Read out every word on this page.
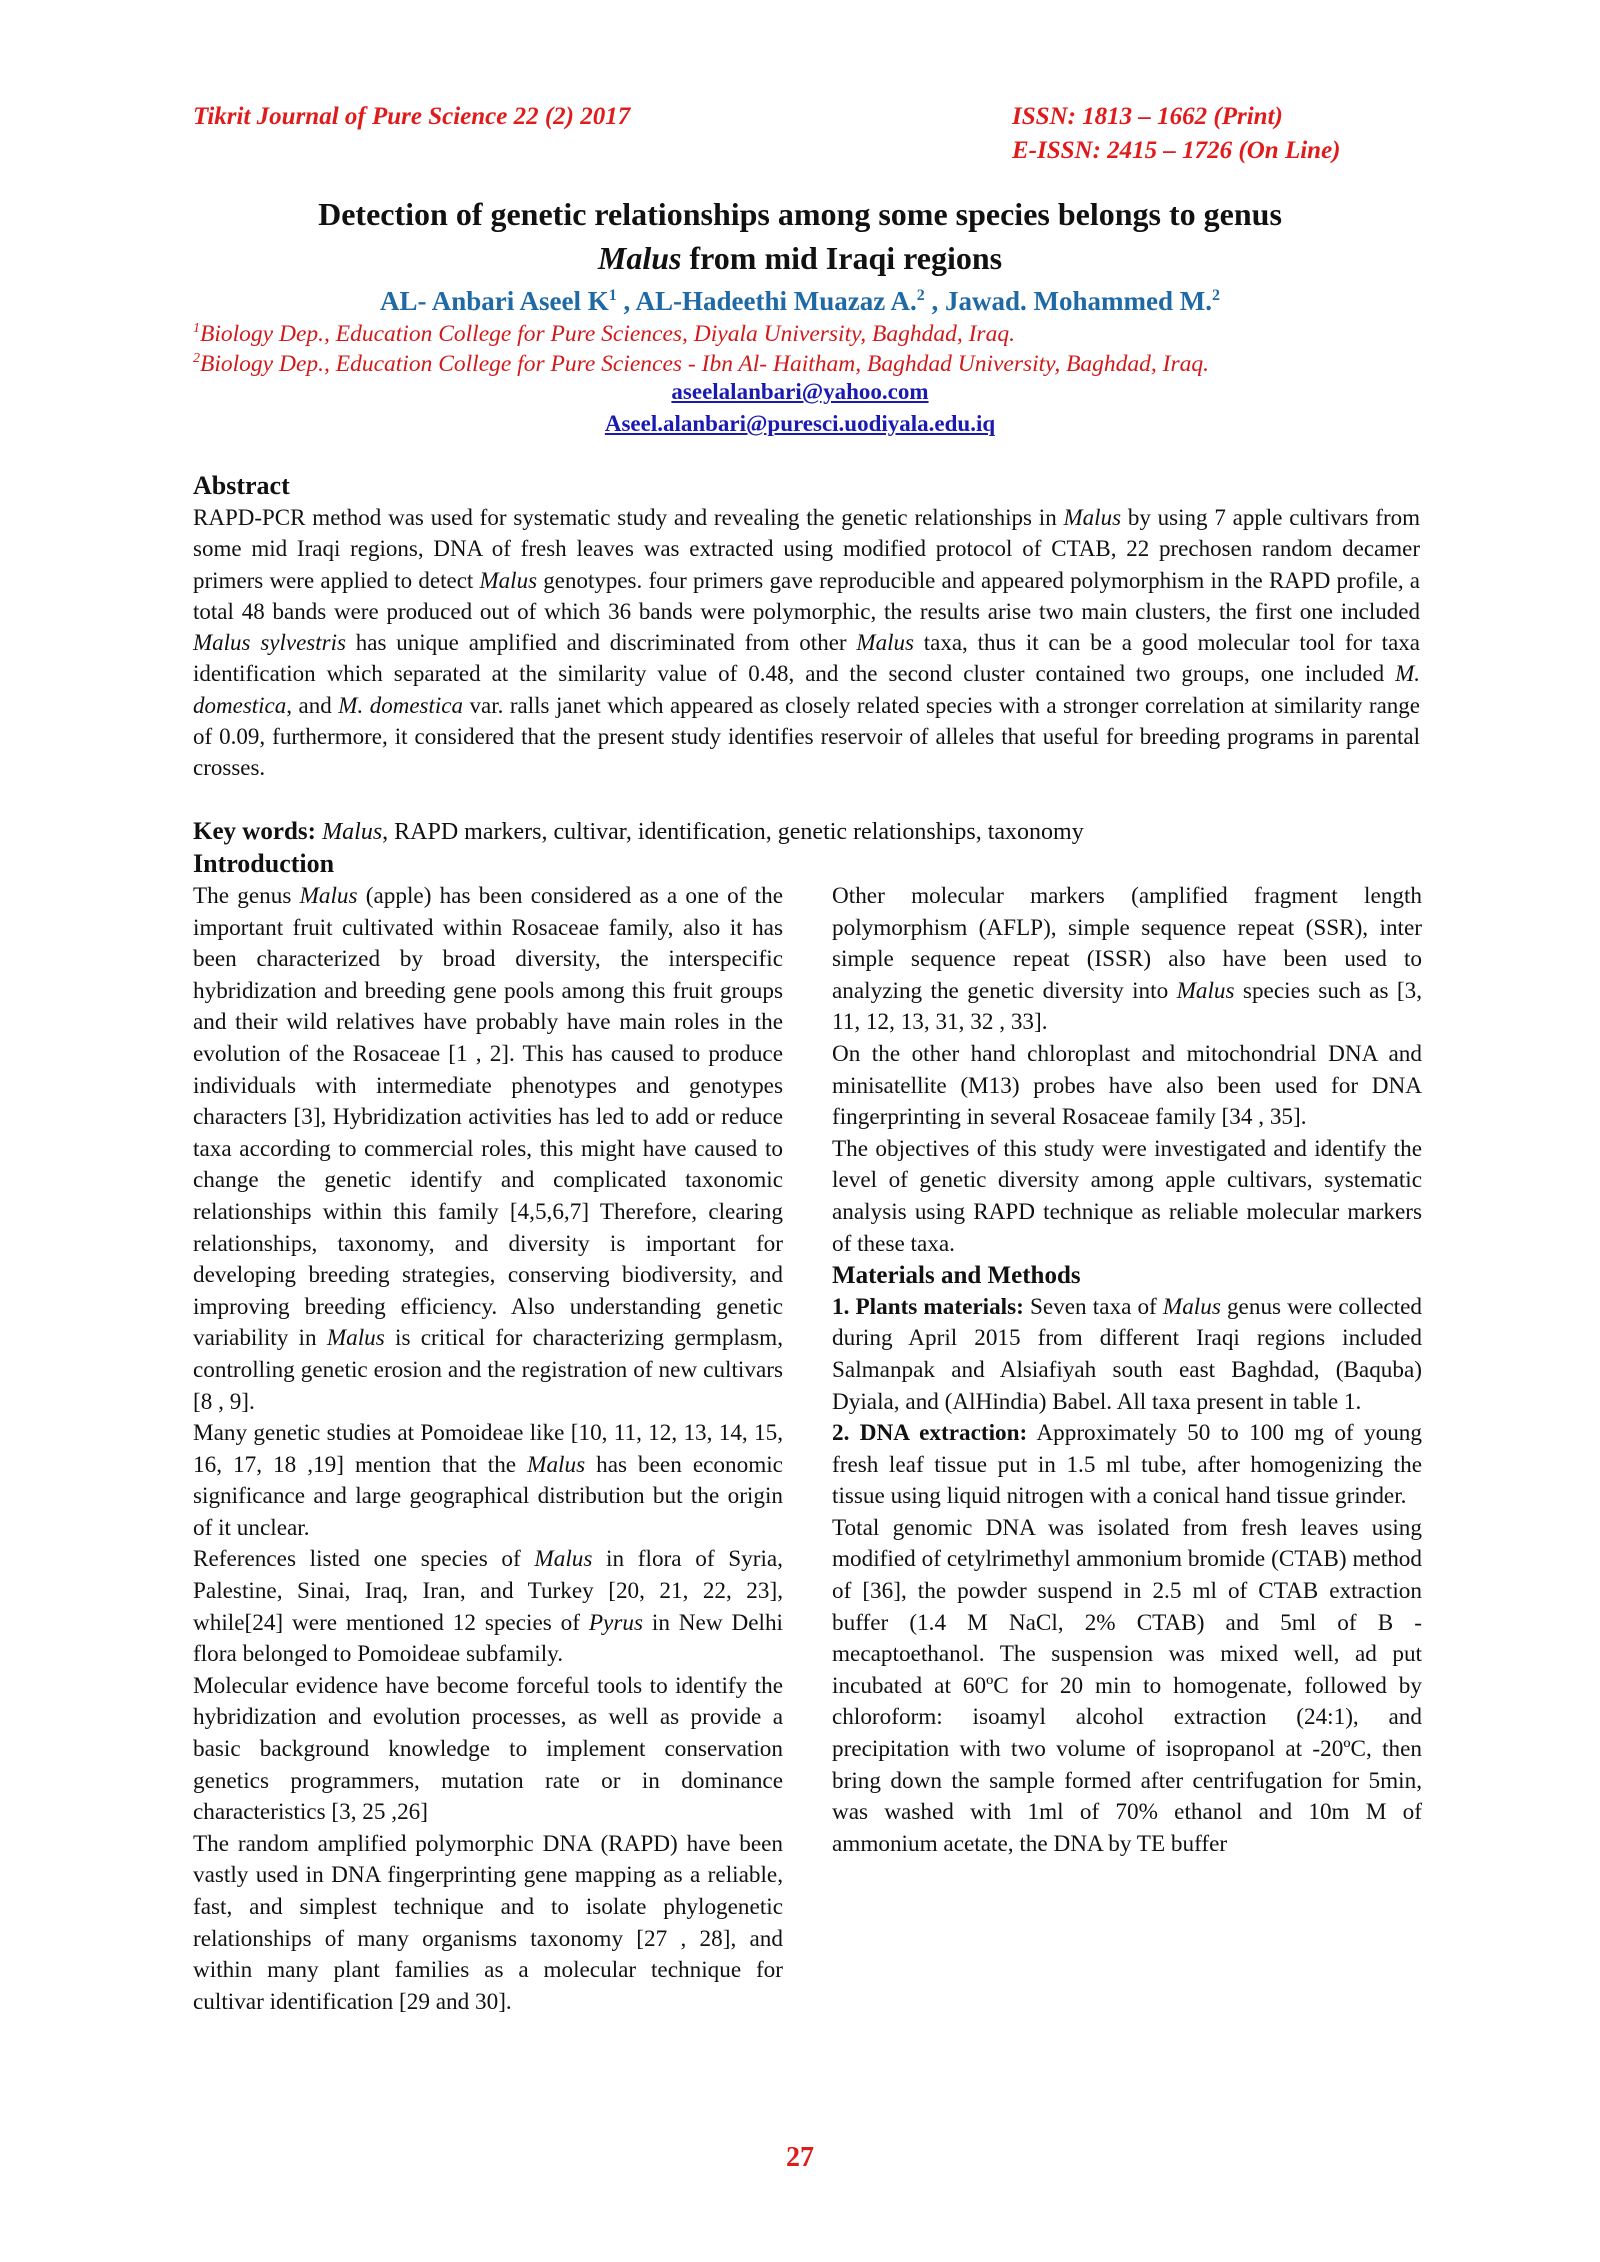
Tikrit Journal of Pure Science 22 (2) 2017	ISSN: 1813 – 1662 (Print)
E-ISSN: 2415 – 1726 (On Line)
Detection of genetic relationships among some species belongs to genus
Malus from mid Iraqi regions
AL- Anbari Aseel $K^1$ , AL-Hadeethi Muazaz A.$^2$ , Jawad. Mohammed M.$^2$
$^1$Biology Dep., Education College for Pure Sciences, Diyala University, Baghdad, Iraq.
$^2$Biology Dep., Education College for Pure Sciences - Ibn Al- Haitham, Baghdad University, Baghdad, Iraq.
aseelalanbari@yahoo.com
Aseel.alanbari@puresci.uodiyala.edu.iq
Abstract
RAPD-PCR method was used for systematic study and revealing the genetic relationships in Malus by using 7 apple cultivars from some mid Iraqi regions, DNA of fresh leaves was extracted using modified protocol of CTAB, 22 prechosen random decamer primers were applied to detect Malus genotypes. four primers gave reproducible and appeared polymorphism in the RAPD profile, a total 48 bands were produced out of which 36 bands were polymorphic, the results arise two main clusters, the first one included Malus sylvestris has unique amplified and discriminated from other Malus taxa, thus it can be a good molecular tool for taxa identification which separated at the similarity value of 0.48, and the second cluster contained two groups, one included M. domestica, and M. domestica var. ralls janet which appeared as closely related species with a stronger correlation at similarity range of 0.09, furthermore, it considered that the present study identifies reservoir of alleles that useful for breeding programs in parental crosses.
Key words: Malus, RAPD markers, cultivar, identification, genetic relationships, taxonomy
Introduction

The genus Malus (apple) has been considered as a one of the important fruit cultivated within Rosaceae family, also it has been characterized by broad diversity, the interspecific hybridization and breeding gene pools among this fruit groups and their wild relatives have probably have main roles in the evolution of the Rosaceae [1 , 2]. This has caused to produce individuals with intermediate phenotypes and genotypes characters [3], Hybridization activities has led to add or reduce taxa according to commercial roles, this might have caused to change the genetic identify and complicated taxonomic relationships within this family [4,5,6,7] Therefore, clearing relationships, taxonomy, and diversity is important for developing breeding strategies, conserving biodiversity, and improving breeding efficiency. Also understanding genetic variability in Malus is critical for characterizing germplasm, controlling genetic erosion and the registration of new cultivars [8 , 9].

Many genetic studies at Pomoideae like [10, 11, 12, 13, 14, 15, 16, 17, 18 ,19] mention that the Malus has been economic significance and large geographical distribution but the origin of it unclear.

References listed one species of Malus in flora of Syria, Palestine, Sinai, Iraq, Iran, and Turkey [20, 21, 22, 23], while[24] were mentioned 12 species of Pyrus in New Delhi flora belonged to Pomoideae subfamily.

Molecular evidence have become forceful tools to identify the hybridization and evolution processes, as well as provide a basic background knowledge to implement conservation genetics programmers, mutation rate or in dominance characteristics [3, 25 ,26]

The random amplified polymorphic DNA (RAPD) have been vastly used in DNA fingerprinting gene mapping as a reliable, fast, and simplest technique and to isolate phylogenetic relationships of many organisms taxonomy [27 , 28], and within many plant families as a molecular technique for cultivar identification [29 and 30].

Other molecular markers (amplified fragment length polymorphism (AFLP), simple sequence repeat (SSR), inter simple sequence repeat (ISSR) also have been used to analyzing the genetic diversity into Malus species such as [3, 11, 12, 13, 31, 32 , 33].

On the other hand chloroplast and mitochondrial DNA and minisatellite (M13) probes have also been used for DNA fingerprinting in several Rosaceae family [34 , 35].

The objectives of this study were investigated and identify the level of genetic diversity among apple cultivars, systematic analysis using RAPD technique as reliable molecular markers of these taxa.

Materials and Methods

1. Plants materials: Seven taxa of Malus genus were collected during April 2015 from different Iraqi regions included Salmanpak and Alsiafiyah south east Baghdad, (Baquba) Dyiala, and (AlHindia) Babel. All taxa present in table 1.

2. DNA extraction: Approximately 50 to 100 mg of young fresh leaf tissue put in 1.5 ml tube, after homogenizing the tissue using liquid nitrogen with a conical hand tissue grinder.

Total genomic DNA was isolated from fresh leaves using modified of cetylrimethyl ammonium bromide (CTAB) method of [36], the powder suspend in 2.5 ml of CTAB extraction buffer (1.4 M NaCl, 2% CTAB) and 5ml of B - mecaptoethanol. The suspension was mixed well, ad put incubated at 60ºC for 20 min to homogenate, followed by chloroform: isoamyl alcohol extraction (24:1), and precipitation with two volume of isopropanol at -20ºC, then bring down the sample formed after centrifugation for 5min, was washed with 1ml of 70% ethanol and 10m M of ammonium acetate, the DNA by TE buffer

27
